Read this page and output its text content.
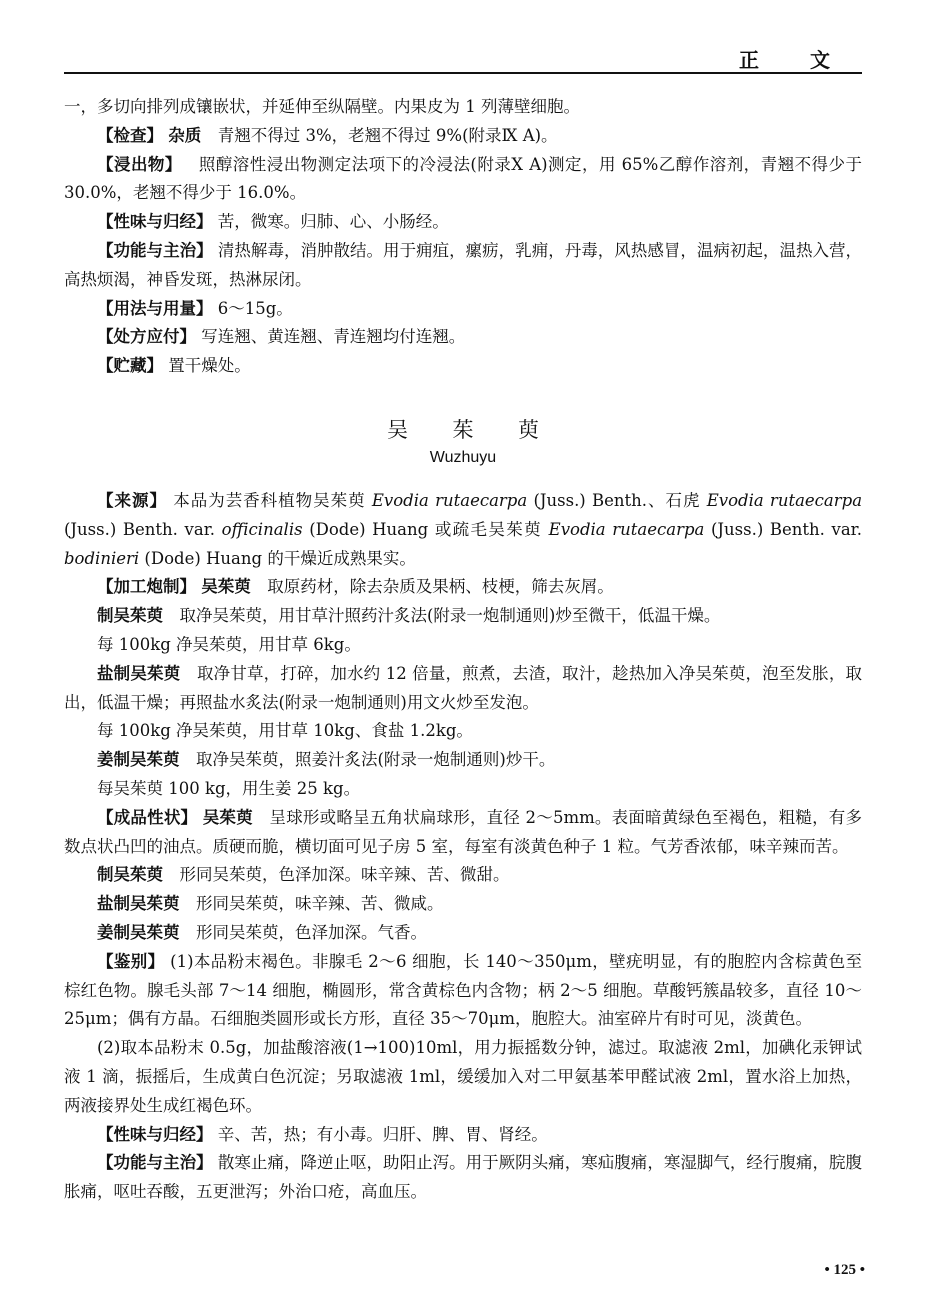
正 文

一，多切向排列成镶嵌状，并延伸至纵隔壁。内果皮为 1 列薄壁细胞。

【检查】 杂质 青翘不得过 3%，老翘不得过 9%(附录Ⅸ A)。

【浸出物】 照醇溶性浸出物测定法项下的冷浸法(附录Ⅹ A)测定，用 65%乙醇作溶剂，青翘不得少于 30.0%，老翘不得少于 16.0%。

【性味与归经】 苦，微寒。归肺、心、小肠经。

【功能与主治】 清热解毒，消肿散结。用于痈疽，瘰疬，乳痈，丹毒，风热感冒，温病初起，温热入营，高热烦渴，神昏发斑，热淋尿闭。

【用法与用量】 6～15g。

【处方应付】 写连翘、黄连翘、青连翘均付连翘。

【贮藏】 置干燥处。

吴 茱 萸
Wuzhuyu

【来源】 本品为芸香科植物吴茱萸 Evodia rutaecarpa (Juss.) Benth.、石虎 Evodia rutaecarpa (Juss.) Benth. var. officinalis (Dode) Huang 或疏毛吴茱萸 Evodia rutaecarpa (Juss.) Benth. var. bodinieri (Dode) Huang 的干燥近成熟果实。

【加工炮制】 吴茱萸 取原药材，除去杂质及果柄、枝梗，筛去灰屑。

制吴茱萸 取净吴茱萸，用甘草汁照药汁炙法(附录一炮制通则)炒至微干，低温干燥。

每 100kg 净吴茱萸，用甘草 6kg。

盐制吴茱萸 取净甘草，打碎，加水约 12 倍量，煎煮，去渣，取汁，趁热加入净吴茱萸，泡至发胀，取出，低温干燥；再照盐水炙法(附录一炮制通则)用文火炒至发泡。

每 100kg 净吴茱萸，用甘草 10kg、食盐 1.2kg。

姜制吴茱萸 取净吴茱萸，照姜汁炙法(附录一炮制通则)炒干。

每吴茱萸 100 kg，用生姜 25 kg。

【成品性状】 吴茱萸 呈球形或略呈五角状扁球形，直径 2～5mm。表面暗黄绿色至褐色，粗糙，有多数点状凸凹的油点。质硬而脆，横切面可见子房 5 室，每室有淡黄色种子 1 粒。气芳香浓郁，味辛辣而苦。

制吴茱萸 形同吴茱萸，色泽加深。味辛辣、苦、微甜。

盐制吴茱萸 形同吴茱萸，味辛辣、苦、微咸。

姜制吴茱萸 形同吴茱萸，色泽加深。气香。

【鉴别】 (1)本品粉末褐色。非腺毛 2～6 细胞，长 140～350μm，壁疣明显，有的胞腔内含棕黄色至棕红色物。腺毛头部 7～14 细胞，椭圆形，常含黄棕色内含物；柄 2～5 细胞。草酸钙簇晶较多，直径 10～25μm；偶有方晶。石细胞类圆形或长方形，直径 35～70μm，胞腔大。油室碎片有时可见，淡黄色。

(2)取本品粉末 0.5g，加盐酸溶液(1→100)10ml，用力振摇数分钟，滤过。取滤液 2ml，加碘化汞钾试液 1 滴，振摇后，生成黄白色沉淀；另取滤液 1ml，缓缓加入对二甲氨基苯甲醛试液 2ml，置水浴上加热，两液接界处生成红褐色环。

【性味与归经】 辛、苦，热；有小毒。归肝、脾、胃、肾经。

【功能与主治】 散寒止痛，降逆止呕，助阳止泻。用于厥阴头痛，寒疝腹痛，寒湿脚气，经行腹痛，脘腹胀痛，呕吐吞酸，五更泄泻；外治口疮，高血压。

• 125 •
